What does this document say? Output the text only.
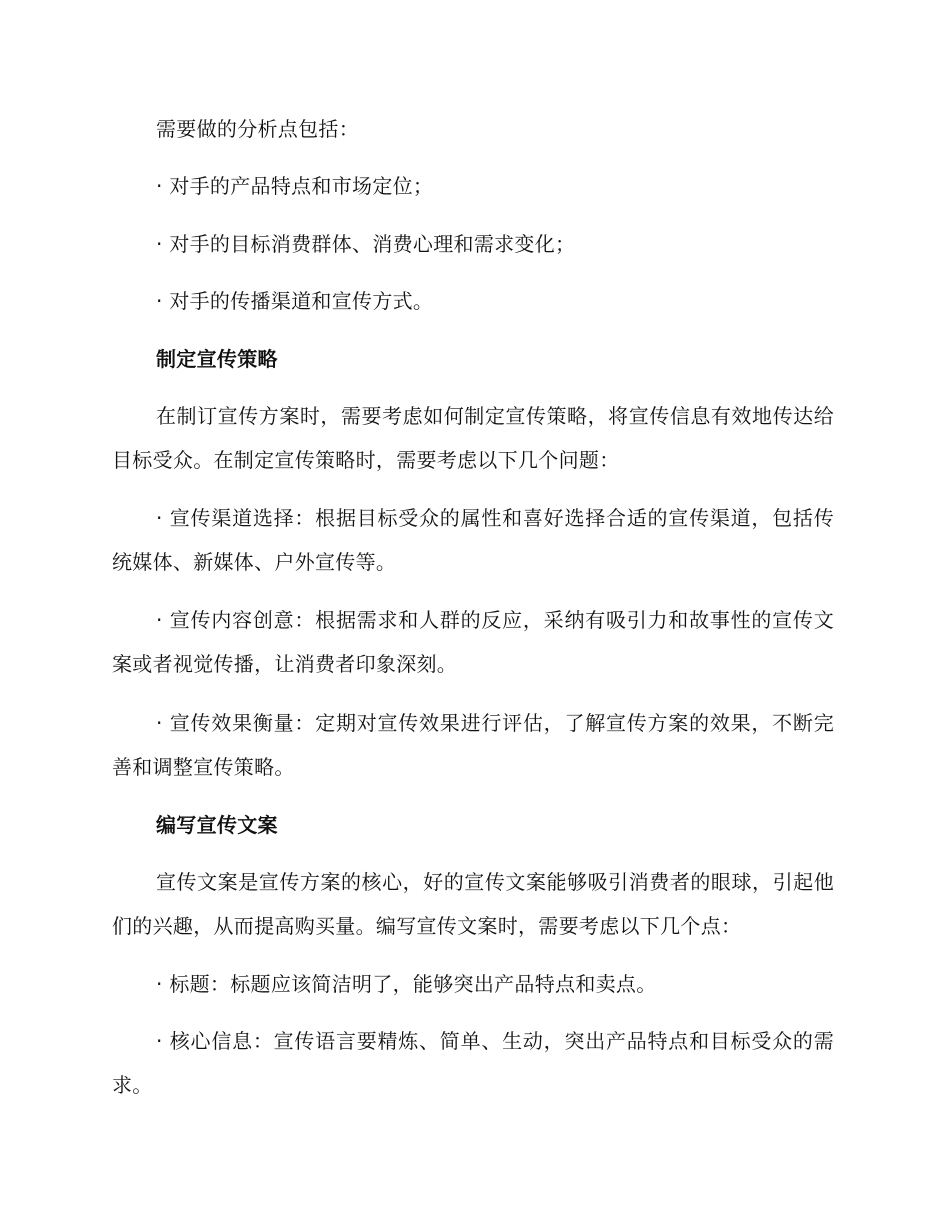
需要做的分析点包括：

· 对手的产品特点和市场定位；

· 对手的目标消费群体、消费心理和需求变化；

· 对手的传播渠道和宣传方式。

制定宣传策略

在制订宣传方案时，需要考虑如何制定宣传策略，将宣传信息有效地传达给目标受众。在制定宣传策略时，需要考虑以下几个问题：

· 宣传渠道选择：根据目标受众的属性和喜好选择合适的宣传渠道，包括传统媒体、新媒体、户外宣传等。

· 宣传内容创意：根据需求和人群的反应，采纳有吸引力和故事性的宣传文案或者视觉传播，让消费者印象深刻。

· 宣传效果衡量：定期对宣传效果进行评估，了解宣传方案的效果，不断完善和调整宣传策略。

编写宣传文案

宣传文案是宣传方案的核心，好的宣传文案能够吸引消费者的眼球，引起他们的兴趣，从而提高购买量。编写宣传文案时，需要考虑以下几个点：

· 标题：标题应该简洁明了，能够突出产品特点和卖点。

· 核心信息：宣传语言要精炼、简单、生动，突出产品特点和目标受众的需求。
